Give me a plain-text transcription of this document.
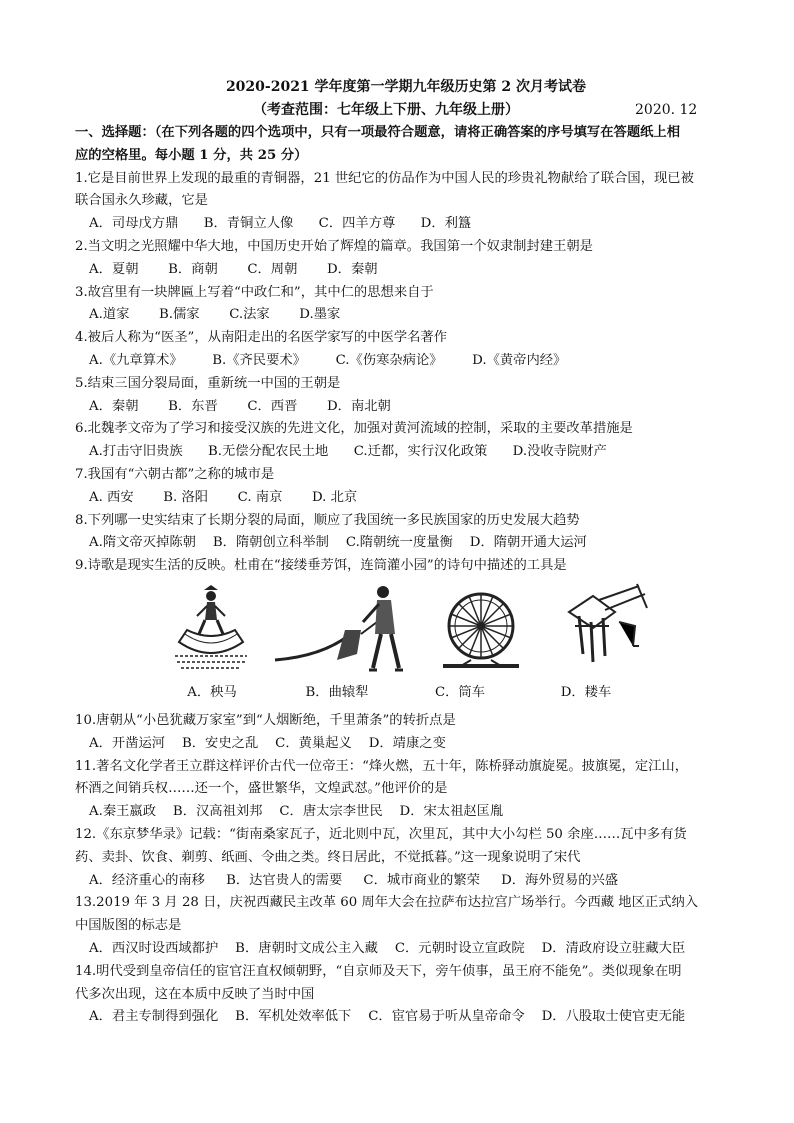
2020-2021 学年度第一学期九年级历史第 2 次月考试卷
（考查范围：七年级上下册、九年级上册）	2020. 12
一、选择题：（在下列各题的四个选项中，只有一项最符合题意，请将正确答案的序号填写在答题纸上相
应的空格里。每小题 1 分，共 25 分）
1.它是目前世界上发现的最重的青铜器，21 世纪它的仿品作为中国人民的珍贵礼物献给了联合国，现已被
联合国永久珍藏，它是
A．司母戊方鼎      B．青铜立人像      C．四羊方尊      D．利簋
2.当文明之光照耀中华大地，中国历史开始了辉煌的篇章。我国第一个奴隶制封建王朝是
A．夏朝       B．商朝       C．周朝       D．秦朝
3.故宫里有一块牌匾上写着“中政仁和”，其中仁的思想来自于
A.道家       B.儒家       C.法家       D.墨家
4.被后人称为“医圣”，从南阳走出的名医学家写的中医学名著作
A.《九章算术》       B.《齐民要术》       C.《伤寒杂病论》       D.《黄帝内经》
5.结束三国分裂局面，重新统一中国的王朝是
A．秦朝       B．东晋       C．西晋       D．南北朝
6.北魏孝文帝为了学习和接受汉族的先进文化，加强对黄河流域的控制，采取的主要改革措施是
A.打击守旧贵族      B.无偿分配农民土地      C.迁都，实行汉化政策      D.没收寺院财产
7.我国有“六朝古都”之称的城市是
A. 西安       B. 洛阳       C. 南京       D. 北京
8.下列哪一史实结束了长期分裂的局面，顺应了我国统一多民族国家的历史发展大趋势
A.隋文帝灭掉陈朝    B．隋朝创立科举制    C.隋朝统一度量衡    D．隋朝开通大运河
9.诗歌是现实生活的反映。杜甫在“接缕垂芳饵，连筒灌小园”的诗句中描述的工具是
A．秧马	B．曲辕犁	C．筒车	D．耧车
10.唐朝从“小邑犹藏万家室”到“人烟断绝，千里萧条”的转折点是
A．开凿运河    B．安史之乱    C．黄巢起义    D．靖康之变
11.著名文化学者王立群这样评价古代一位帝王：“烽火燃，五十年，陈桥驿动旗旋冕。披旗冕，定江山，
杯酒之间销兵权……还一个，盛世繁华，文煌武怼。”他评价的是
A.秦王嬴政    B．汉高祖刘邦    C．唐太宗李世民    D．宋太祖赵匡胤
12.《东京梦华录》记载：“街南桑家瓦子，近北则中瓦，次里瓦，其中大小勾栏 50 余座……瓦中多有货
药、卖卦、饮食、剃剪、纸画、令曲之类。终日居此，不觉抵暮。”这一现象说明了宋代
A．经济重心的南移     B．达官贵人的需要     C．城市商业的繁荣     D．海外贸易的兴盛
13.2019 年 3 月 28 日，庆祝西藏民主改革 60 周年大会在拉萨布达拉宫广场举行。今西藏 地区正式纳入
中国版图的标志是
A．西汉时设西域都护    B．唐朝时文成公主入藏    C．元朝时设立宣政院    D．清政府设立驻藏大臣
14.明代受到皇帝信任的宦官汪直权倾朝野，“自京师及天下，旁午侦事，虽王府不能免”。类似现象在明
代多次出现，这在本质中反映了当时中国
A．君主专制得到强化    B．军机处效率低下    C．宦官易于听从皇帝命令    D．八股取士使官吏无能
